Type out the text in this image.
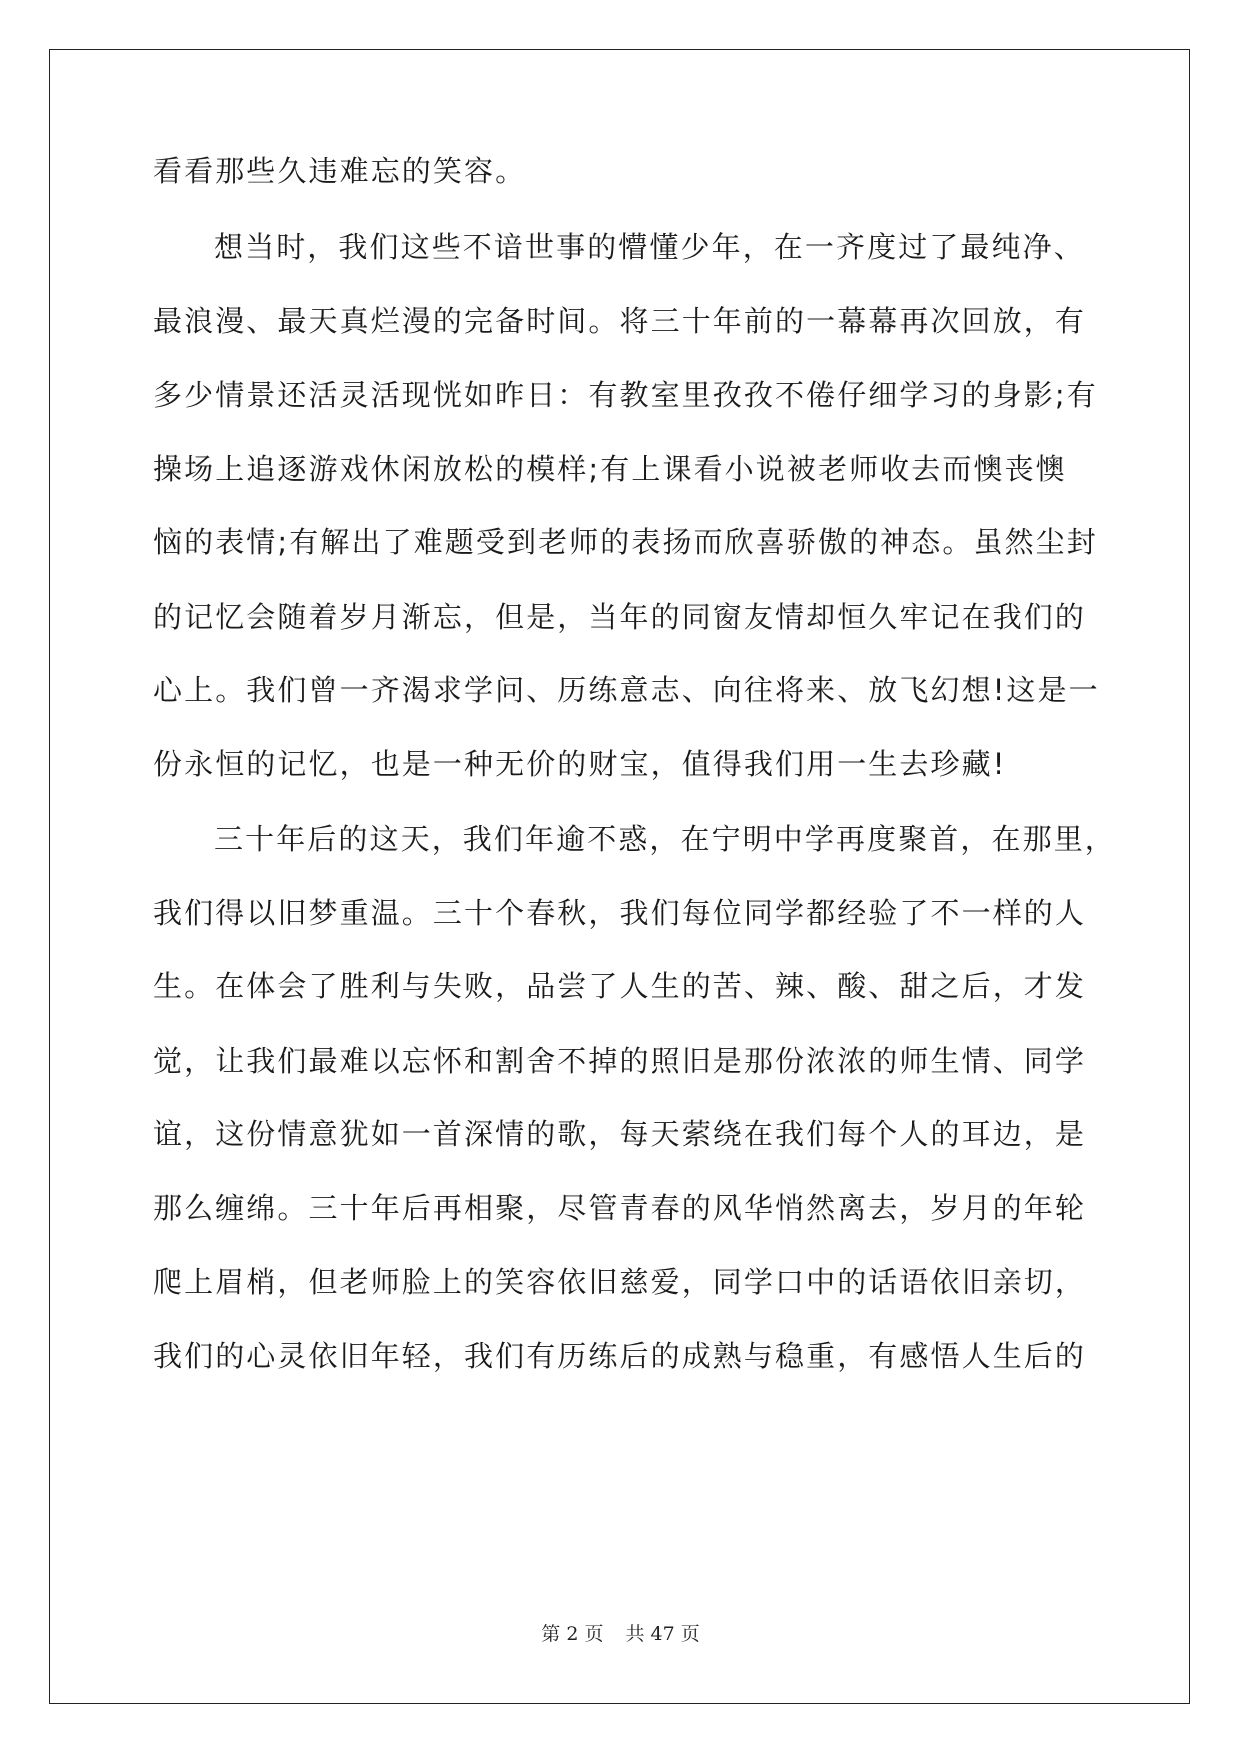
看看那些久违难忘的笑容。
想当时，我们这些不谙世事的懵懂少年，在一齐度过了最纯净、
最浪漫、最天真烂漫的完备时间。将三十年前的一幕幕再次回放，有
多少情景还活灵活现恍如昨日：有教室里孜孜不倦仔细学习的身影;有
操场上追逐游戏休闲放松的模样;有上课看小说被老师收去而懊丧懊
恼的表情;有解出了难题受到老师的表扬而欣喜骄傲的神态。虽然尘封
的记忆会随着岁月渐忘，但是，当年的同窗友情却恒久牢记在我们的
心上。我们曾一齐渴求学问、历练意志、向往将来、放飞幻想!这是一
份永恒的记忆，也是一种无价的财宝，值得我们用一生去珍藏!
三十年后的这天，我们年逾不惑，在宁明中学再度聚首，在那里，
我们得以旧梦重温。三十个春秋，我们每位同学都经验了不一样的人
生。在体会了胜利与失败，品尝了人生的苦、辣、酸、甜之后，才发
觉，让我们最难以忘怀和割舍不掉的照旧是那份浓浓的师生情、同学
谊，这份情意犹如一首深情的歌，每天萦绕在我们每个人的耳边，是
那么缠绵。三十年后再相聚，尽管青春的风华悄然离去，岁月的年轮
爬上眉梢，但老师脸上的笑容依旧慈爱，同学口中的话语依旧亲切，
我们的心灵依旧年轻，我们有历练后的成熟与稳重，有感悟人生后的
第 2 页 共 47 页
